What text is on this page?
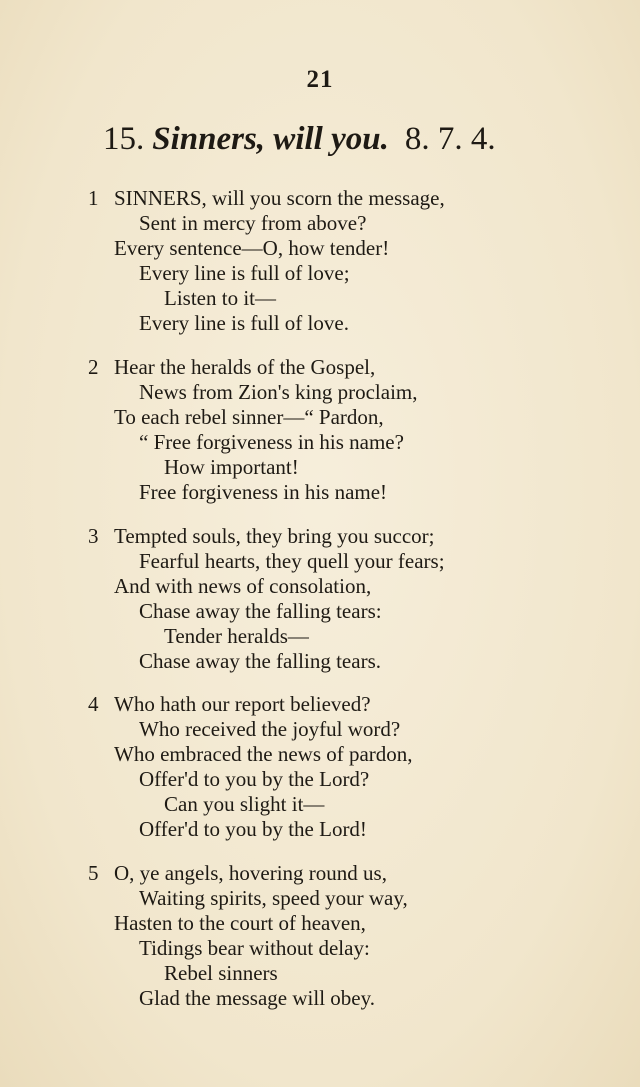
21
15. Sinners, will you. 8. 7. 4.
1 SINNERS, will you scorn the message,
Sent in mercy from above?
Every sentence—O, how tender!
Every line is full of love;
Listen to it—
Every line is full of love.
2 Hear the heralds of the Gospel,
News from Zion's king proclaim,
To each rebel sinner—“ Pardon,
“ Free forgiveness in his name?
How important!
Free forgiveness in his name!
3 Tempted souls, they bring you succor;
Fearful hearts, they quell your fears;
And with news of consolation,
Chase away the falling tears:
Tender heralds—
Chase away the falling tears.
4 Who hath our report believed?
Who received the joyful word?
Who embraced the news of pardon,
Offer'd to you by the Lord?
Can you slight it—
Offer'd to you by the Lord!
5 O, ye angels, hovering round us,
Waiting spirits, speed your way,
Hasten to the court of heaven,
Tidings bear without delay:
Rebel sinners
Glad the message will obey.
